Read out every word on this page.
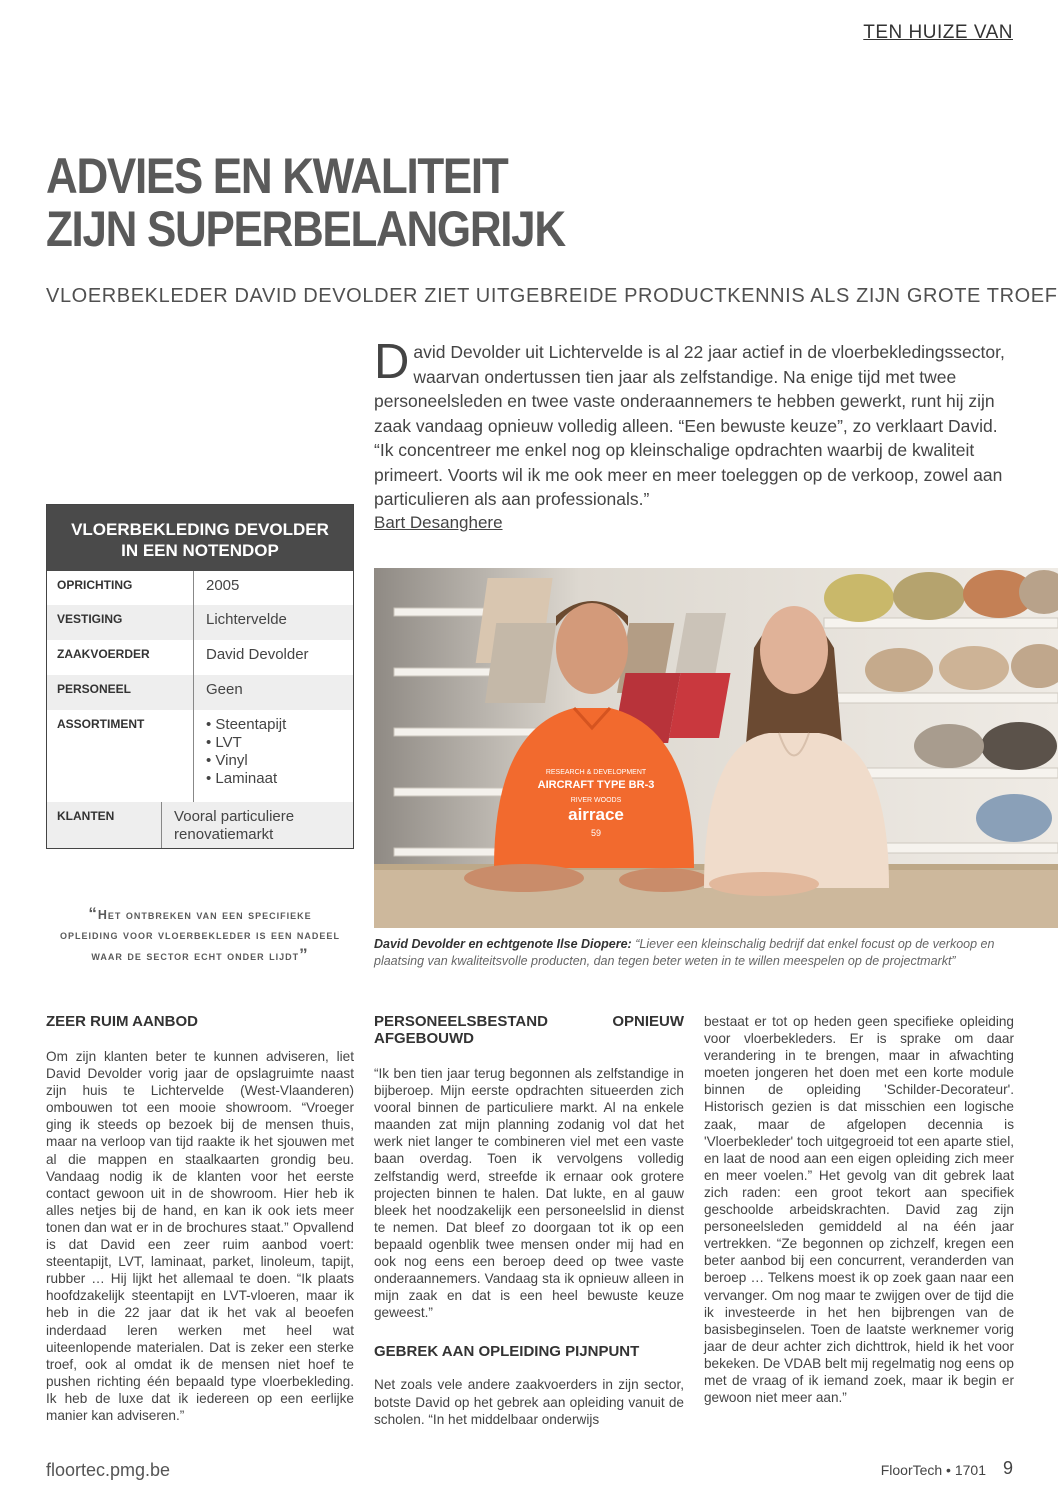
TEN HUIZE VAN
ADVIES EN KWALITEIT
ZIJN SUPERBELANGRIJK
VLOERBEKLEDER DAVID DEVOLDER ZIET UITGEBREIDE PRODUCTKENNIS ALS ZIJN GROTE TROEF
David Devolder uit Lichtervelde is al 22 jaar actief in de vloerbekledingssector, waarvan ondertussen tien jaar als zelfstandige. Na enige tijd met twee personeelsleden en twee vaste onderaannemers te hebben gewerkt, runt hij zijn zaak vandaag opnieuw volledig alleen. “Een bewuste keuze”, zo verklaart David. “Ik concentreer me enkel nog op kleinschalige opdrachten waarbij de kwaliteit primeert. Voorts wil ik me ook meer en meer toeleggen op de verkoop, zowel aan particulieren als aan professionals.”
Bart Desanghere
VLOERBEKLEDING DEVOLDER
IN EEN NOTENDOP
OPRICHTING	2005
VESTIGING	Lichtervelde
ZAAKVOERDER	David Devolder
PERSONEEL	Geen
ASSORTIMENT
•	Steentapijt
• LVT
• Vinyl
• Laminaat
KLANTEN	Vooral particuliere renovatiemarkt
“Het ontbreken van een specifieke opleiding voor vloerbekleder is een nadeel waar de sector echt onder lijdt”
RESEARCH & DEVELOPMENT
AIRCRAFT TYPE BR-3
RIVER WOODS
airrace
59
David Devolder en echtgenote Ilse Diopere: “Liever een kleinschalig bedrijf dat enkel focust op de verkoop en plaatsing van kwaliteitsvolle producten, dan tegen beter weten in te willen meespelen op de projectmarkt”
ZEER RUIM AANBOD

Om zijn klanten beter te kunnen adviseren, liet David Devolder vorig jaar de opslagruimte naast zijn huis te Lichtervelde (West-Vlaanderen) ombouwen tot een mooie showroom. “Vroeger ging ik steeds op bezoek bij de mensen thuis, maar na verloop van tijd raakte ik het sjouwen met al die mappen en staalkaarten grondig beu. Vandaag nodig ik de klanten voor het eerste contact gewoon uit in de showroom. Hier heb ik alles netjes bij de hand, en kan ik ook iets meer tonen dan wat er in de brochures staat.” Opvallend is dat David een zeer ruim aanbod voert: steentapijt, LVT, laminaat, parket, linoleum, tapijt, rubber … Hij lijkt het allemaal te doen. “Ik plaats hoofdzakelijk steentapijt en LVT-vloeren, maar ik heb in die 22 jaar dat ik het vak al beoefen inderdaad leren werken met heel wat uiteenlopende materialen. Dat is zeker een sterke troef, ook al omdat ik de mensen niet hoef te pushen richting één bepaald type vloerbekleding. Ik heb de luxe dat ik iedereen op een eerlijke manier kan adviseren.”

PERSONEELSBESTAND OPNIEUW AFGEBOUWD

“Ik ben tien jaar terug begonnen als zelfstandige in bijberoep. Mijn eerste opdrachten situeerden zich vooral binnen de particuliere markt. Al na enkele maanden zat mijn planning zodanig vol dat het werk niet langer te combineren viel met een vaste baan overdag. Toen ik vervolgens volledig zelfstandig werd, streefde ik ernaar ook grotere projecten binnen te halen. Dat lukte, en al gauw bleek het noodzakelijk een personeelslid in dienst te nemen. Dat bleef zo doorgaan tot ik op een bepaald ogenblik twee mensen onder mij had en ook nog eens een beroep deed op twee vaste onderaannemers. Vandaag sta ik opnieuw alleen in mijn zaak en dat is een heel bewuste keuze geweest.”

GEBREK AAN OPLEIDING PIJNPUNT

Net zoals vele andere zaakvoerders in zijn sector, botste David op het gebrek aan opleiding vanuit de scholen. “In het middelbaar onderwijs

bestaat er tot op heden geen specifieke opleiding voor vloerbekleders. Er is sprake om daar verandering in te brengen, maar in afwachting moeten jongeren het doen met een korte module binnen de opleiding 'Schilder-Decorateur'. Historisch gezien is dat misschien een logische zaak, maar de afgelopen decennia is 'Vloerbekleder' toch uitgegroeid tot een aparte stiel, en laat de nood aan een eigen opleiding zich meer en meer voelen.” Het gevolg van dit gebrek laat zich raden: een groot tekort aan specifiek geschoolde arbeidskrachten. David zag zijn personeelsleden gemiddeld al na één jaar vertrekken. “Ze begonnen op zichzelf, kregen een beter aanbod bij een concurrent, veranderden van beroep … Telkens moest ik op zoek gaan naar een vervanger. Om nog maar te zwijgen over de tijd die ik investeerde in het hen bijbrengen van de basisbeginselen. Toen de laatste werknemer vorig jaar de deur achter zich dichttrok, hield ik het voor bekeken. De VDAB belt mij regelmatig nog eens op met de vraag of ik iemand zoek, maar ik begin er gewoon niet meer aan.”

floortec.pmg.be	FloorTech • 1701 9
